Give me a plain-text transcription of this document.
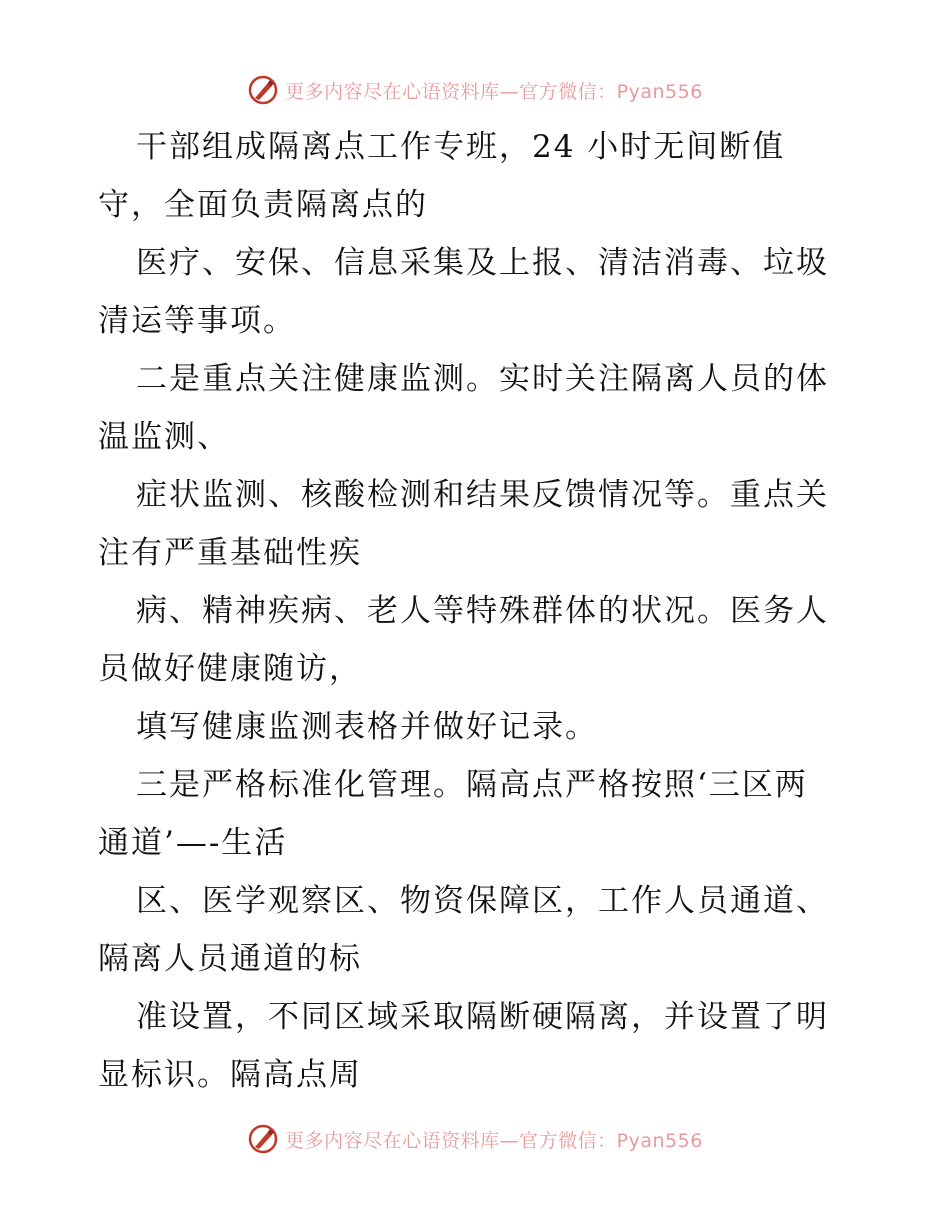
更多内容尽在心语资料库—官方微信：Pyan556
干部组成隔离点工作专班，24 小时无间断值
守，全面负责隔离点的
医疗、安保、信息采集及上报、清洁消毒、垃圾
清运等事项。
二是重点关注健康监测。实时关注隔离人员的体
温监测、
症状监测、核酸检测和结果反馈情况等。重点关
注有严重基础性疾
病、精神疾病、老人等特殊群体的状况。医务人
员做好健康随访，
填写健康监测表格并做好记录。
三是严格标准化管理。隔高点严格按照‘三区两
通道’—-生活
区、医学观察区、物资保障区，工作人员通道、
隔离人员通道的标
准设置，不同区域采取隔断硬隔离，并设置了明
显标识。隔高点周
更多内容尽在心语资料库—官方微信：Pyan556
